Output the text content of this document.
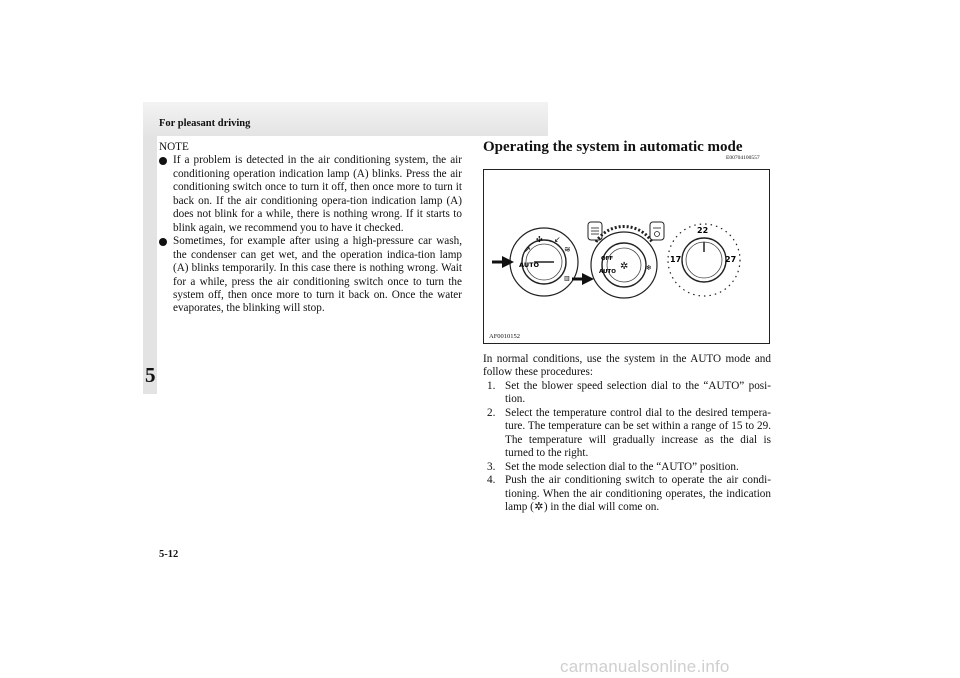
For pleasant driving
5

NOTE

If a problem is detected in the air conditioning system, the air conditioning operation indication lamp (A) blinks. Press the air conditioning switch once to turn it off, then once more to turn it back on. If the air conditioning opera-tion indication lamp (A) does not blink for a while, there is nothing wrong. If it starts to blink again, we recommend you to have it checked.

Sometimes, for example after using a high-pressure car wash, the condenser can get wet, and the operation indica-tion lamp (A) blinks temporarily. In this case there is nothing wrong. Wait for a while, press the air conditioning switch once to turn the system off, then once more to turn it back on. Once the water evaporates, the blinking will stop.

Operating the system in automatic mode

E00704100557
✣
↗
↙
≋
▥
AUTO	✲
OFF
AUTO	❄
22
17	27
AF0010152

In normal conditions, use the system in the AUTO mode and follow these procedures:

1. Set the blower speed selection dial to the “AUTO” posi-tion.
2. Select the temperature control dial to the desired tempera-ture. The temperature can be set within a range of 15 to 29. The temperature will gradually increase as the dial is turned to the right.
3. Set the mode selection dial to the “AUTO” position.
4. Push the air conditioning switch to operate the air condi-tioning. When the air conditioning operates, the indication lamp (✲) in the dial will come on.
5-12
carmanualsonline.info
